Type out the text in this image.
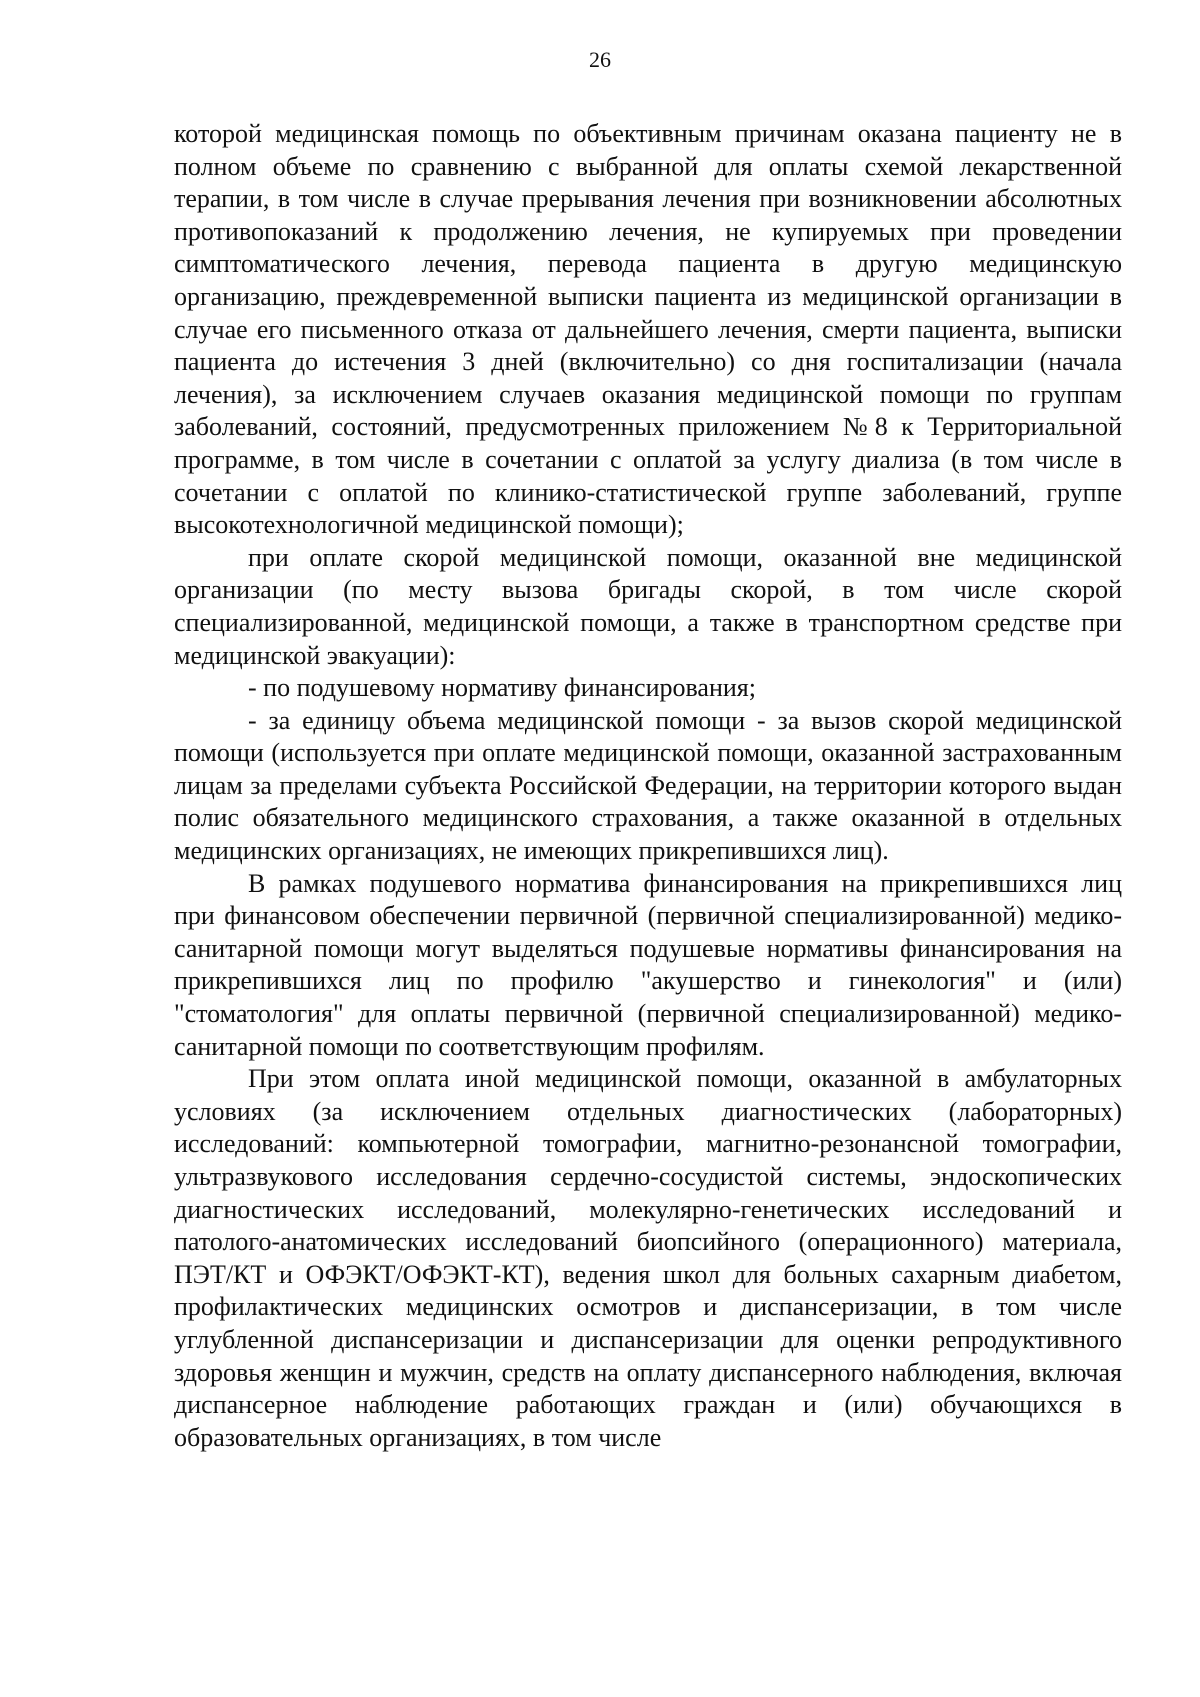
26

которой медицинская помощь по объективным причинам оказана пациенту не в полном объеме по сравнению с выбранной для оплаты схемой лекарственной терапии, в том числе в случае прерывания лечения при возникновении абсолютных противопоказаний к продолжению лечения, не купируемых при проведении симптоматического лечения, перевода пациента в другую медицинскую организацию, преждевременной выписки пациента из медицинской организации в случае его письменного отказа от дальнейшего лечения, смерти пациента, выписки пациента до истечения 3 дней (включительно) со дня госпитализации (начала лечения), за исключением случаев оказания медицинской помощи по группам заболеваний, состояний, предусмотренных приложением №8 к Территориальной программе, в том числе в сочетании с оплатой за услугу диализа (в том числе в сочетании с оплатой по клинико-статистической группе заболеваний, группе высокотехнологичной медицинской помощи);

при оплате скорой медицинской помощи, оказанной вне медицинской организации (по месту вызова бригады скорой, в том числе скорой специализированной, медицинской помощи, а также в транспортном средстве при медицинской эвакуации):

- по подушевому нормативу финансирования;

- за единицу объема медицинской помощи - за вызов скорой медицинской помощи (используется при оплате медицинской помощи, оказанной застрахованным лицам за пределами субъекта Российской Федерации, на территории которого выдан полис обязательного медицинского страхования, а также оказанной в отдельных медицинских организациях, не имеющих прикрепившихся лиц).

В рамках подушевого норматива финансирования на прикрепившихся лиц при финансовом обеспечении первичной (первичной специализированной) медико-санитарной помощи могут выделяться подушевые нормативы финансирования на прикрепившихся лиц по профилю "акушерство и гинекология" и (или) "стоматология" для оплаты первичной (первичной специализированной) медико-санитарной помощи по соответствующим профилям.

При этом оплата иной медицинской помощи, оказанной в амбулаторных условиях (за исключением отдельных диагностических (лабораторных) исследований: компьютерной томографии, магнитно-резонансной томографии, ультразвукового исследования сердечно-сосудистой системы, эндоскопических диагностических исследований, молекулярно-генетических исследований и патолого-анатомических исследований биопсийного (операционного) материала, ПЭТ/КТ и ОФЭКТ/ОФЭКТ-КТ), ведения школ для больных сахарным диабетом, профилактических медицинских осмотров и диспансеризации, в том числе углубленной диспансеризации и диспансеризации для оценки репродуктивного здоровья женщин и мужчин, средств на оплату диспансерного наблюдения, включая диспансерное наблюдение работающих граждан и (или) обучающихся в образовательных организациях, в том числе
